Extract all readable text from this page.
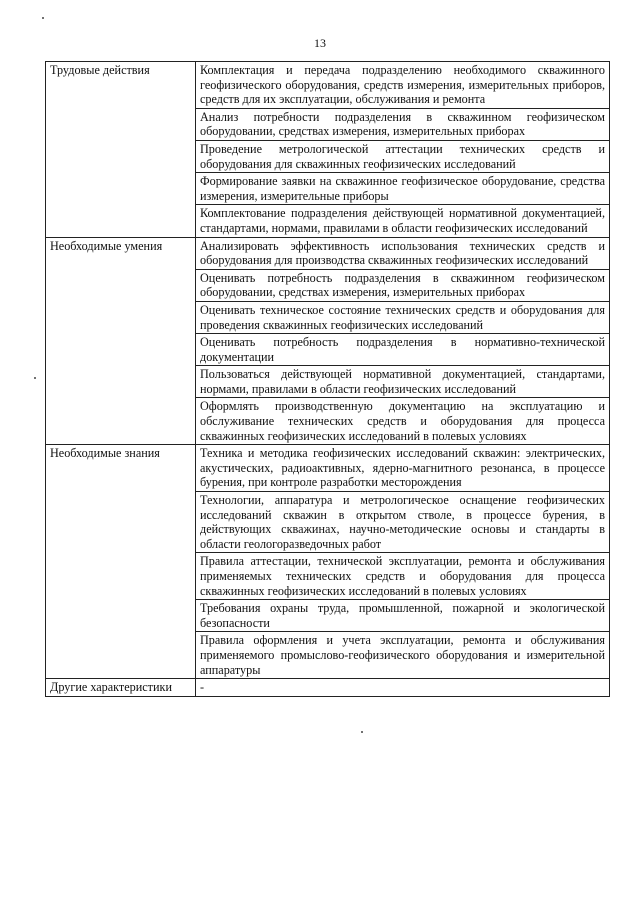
13
Трудовые действия	Комплектация и передача подразделению необходимого скважинного геофизического оборудования, средств измерения, измерительных приборов, средств для их эксплуатации, обслуживания и ремонта
	Анализ потребности подразделения в скважинном геофизическом оборудовании, средствах измерения, измерительных приборах
	Проведение метрологической аттестации технических средств и оборудования для скважинных геофизических исследований
	Формирование заявки на скважинное геофизическое оборудование, средства измерения, измерительные приборы
	Комплектование подразделения действующей нормативной документацией, стандартами, нормами, правилами в области геофизических исследований
Необходимые умения	Анализировать эффективность использования технических средств и оборудования для производства скважинных геофизических исследований
	Оценивать потребность подразделения в скважинном геофизическом оборудовании, средствах измерения, измерительных приборах
	Оценивать техническое состояние технических средств и оборудования для проведения скважинных геофизических исследований
	Оценивать потребность подразделения в нормативно-технической документации
	Пользоваться действующей нормативной документацией, стандартами, нормами, правилами в области геофизических исследований
	Оформлять производственную документацию на эксплуатацию и обслуживание технических средств и оборудования для процесса скважинных геофизических исследований в полевых условиях
Необходимые знания	Техника и методика геофизических исследований скважин: электрических, акустических, радиоактивных, ядерно-магнитного резонанса, в процессе бурения, при контроле разработки месторождения
	Технологии, аппаратура и метрологическое оснащение геофизических исследований скважин в открытом стволе, в процессе бурения, в действующих скважинах, научно-методические основы и стандарты в области геологоразведочных работ
	Правила аттестации, технической эксплуатации, ремонта и обслуживания применяемых технических средств и оборудования для процесса скважинных геофизических исследований в полевых условиях
	Требования охраны труда, промышленной, пожарной и экологической безопасности
	Правила оформления и учета эксплуатации, ремонта и обслуживания применяемого промыслово-геофизического оборудования и измерительной аппаратуры
Другие характеристики	-
